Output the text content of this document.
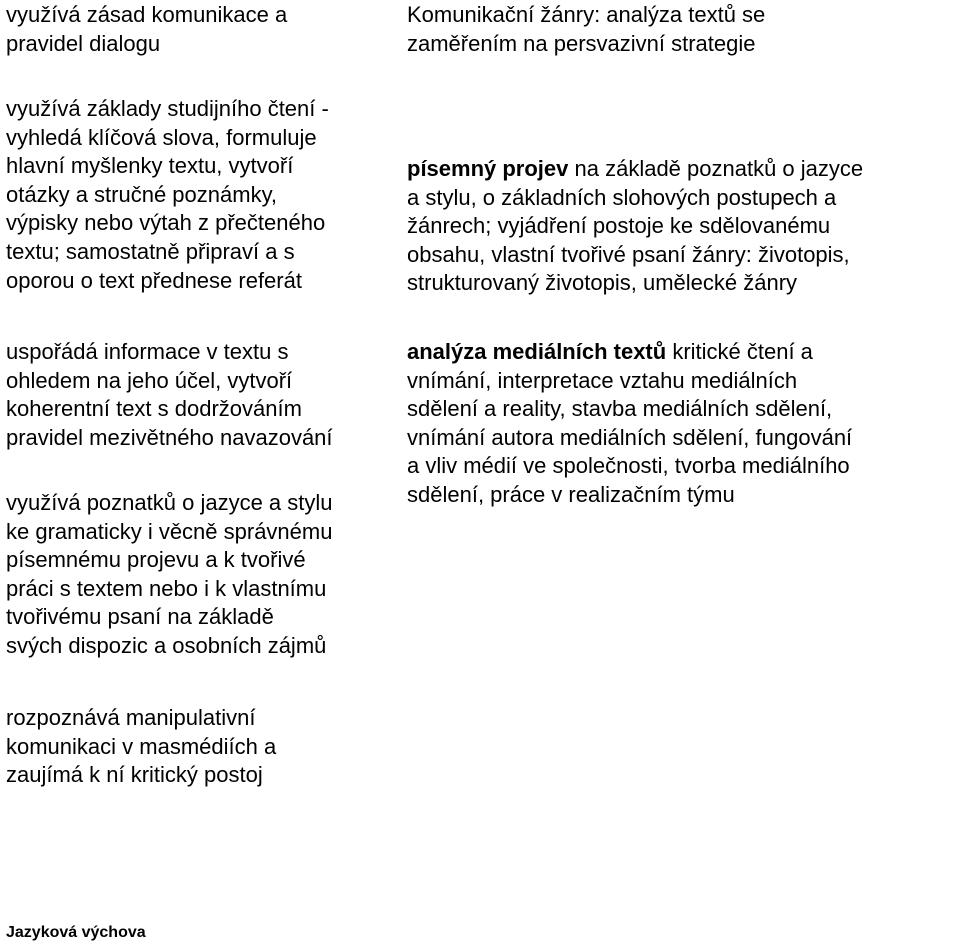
využívá zásad komunikace a
pravidel dialogu
využívá základy studijního čtení -
vyhledá klíčová slova, formuluje
hlavní myšlenky textu, vytvoří
otázky a stručné poznámky,
výpisky nebo výtah z přečteného
textu; samostatně připraví a s
oporou o text přednese referát
uspořádá informace v textu s
ohledem na jeho účel, vytvoří
koherentní text s dodržováním
pravidel mezivětného navazování
využívá poznatků o jazyce a stylu
ke gramaticky i věcně správnému
písemnému projevu a k tvořivé
práci s textem nebo i k vlastnímu
tvořivému psaní na základě
svých dispozic a osobních zájmů
rozpoznává manipulativní
komunikaci v masmédiích a
zaujímá k ní kritický postoj
Komunikační žánry: analýza textů se
zaměřením na persvazivní strategie
písemný projev na základě poznatků o jazyce
a stylu, o základních slohových postupech a
žánrech; vyjádření postoje ke sdělovanému
obsahu, vlastní tvořivé psaní žánry: životopis,
strukturovaný životopis, umělecké žánry
analýza mediálních textů kritické čtení a
vnímání, interpretace vztahu mediálních
sdělení a reality, stavba mediálních sdělení,
vnímání autora mediálních sdělení, fungování
a vliv médií ve společnosti, tvorba mediálního
sdělení, práce v realizačním týmu
Jazyková výchova
